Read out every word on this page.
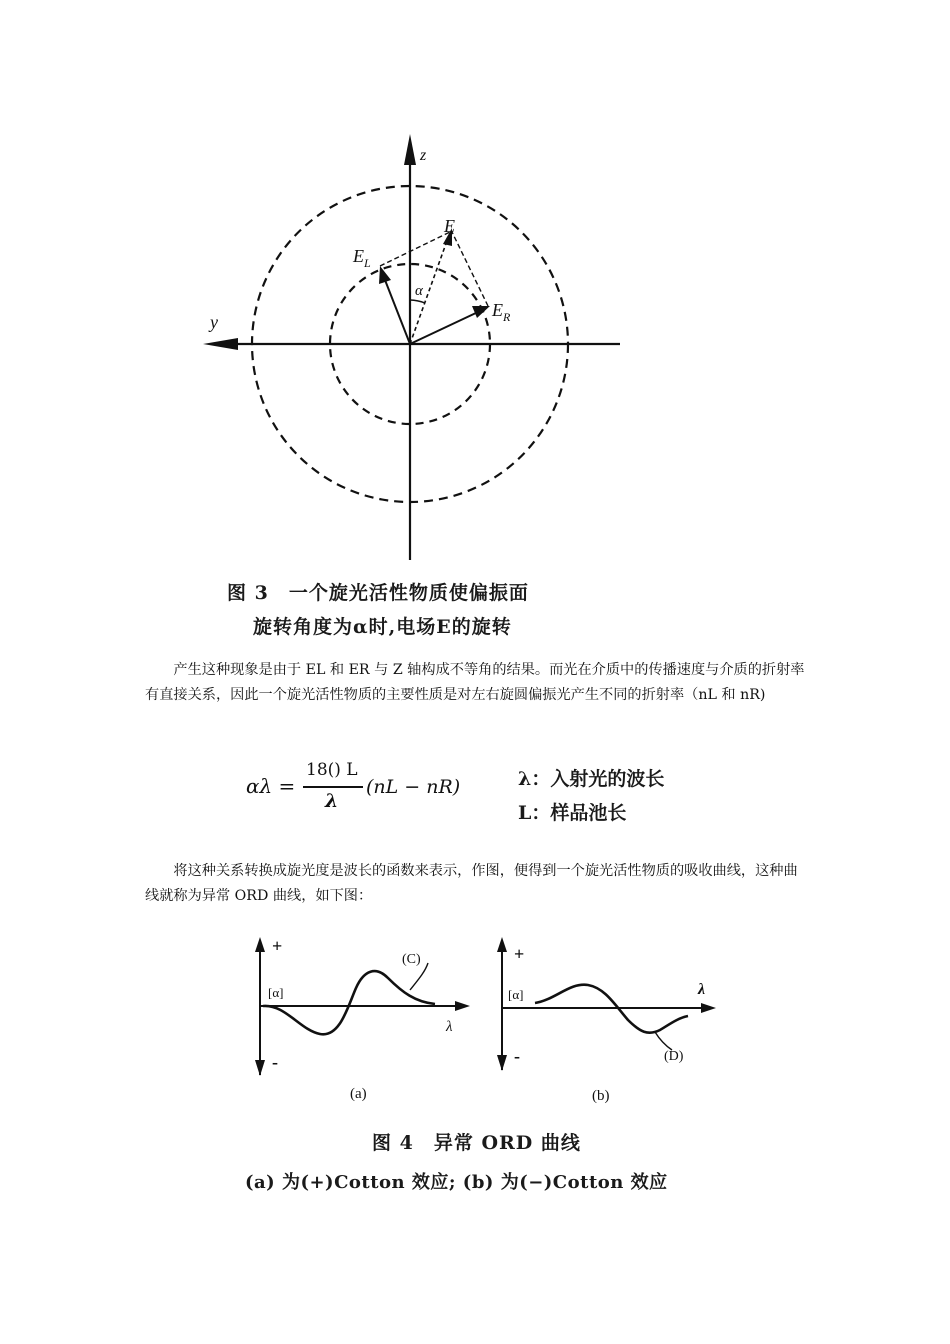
z
y
E
$E_L$
$E_R$
α
图 3　一个旋光活性物质使偏振面
旋转角度为α时,电场E的旋转
产生这种现象是由于 EL 和 ER 与 Z 轴构成不等角的结果。而光在介质中的传播速度与介质的折射率有直接关系，因此一个旋光活性物质的主要性质是对左右旋圆偏振光产生不同的折射率（nL 和 nR)
αλ =
18() L
λ
(nL − nR)	λ：入射光的波长
L：样品池长
将这种关系转换成旋光度是波长的函数来表示，作图，便得到一个旋光活性物质的吸收曲线，这种曲线就称为异常 ORD 曲线，如下图：
+
-
[α]
λ
(C)
(a)
+
-
[α]	λ
(D)
(b)
图 4　异常 ORD 曲线
(a) 为(+)Cotton 效应; (b) 为(−)Cotton 效应
